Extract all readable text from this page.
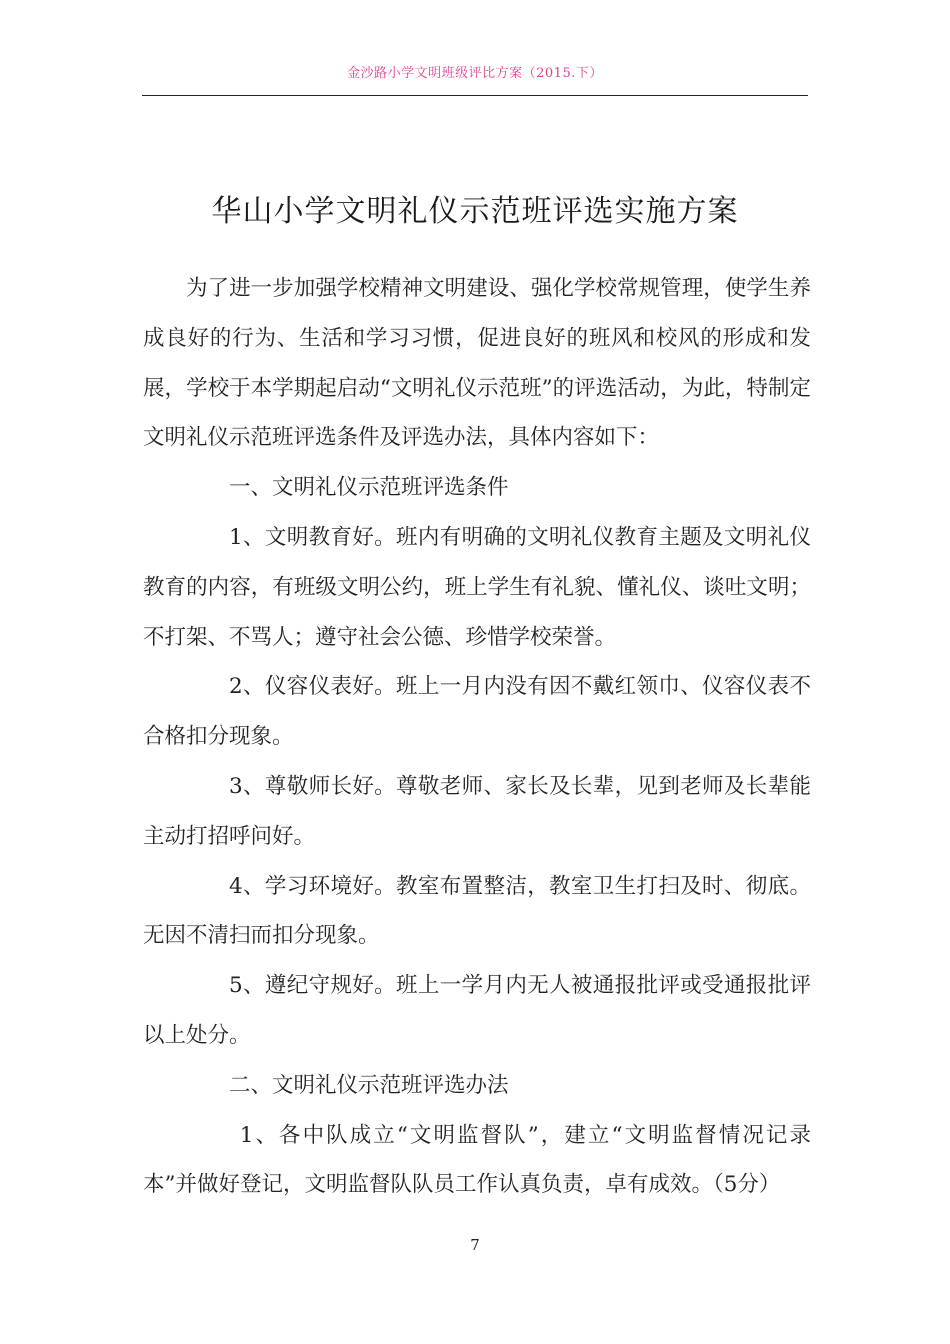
金沙路小学文明班级评比方案（2015.下）
华山小学文明礼仪示范班评选实施方案

为了进一步加强学校精神文明建设、强化学校常规管理，使学生养成良好的行为、生活和学习习惯，促进良好的班风和校风的形成和发展，学校于本学期起启动“文明礼仪示范班”的评选活动，为此，特制定文明礼仪示范班评选条件及评选办法，具体内容如下：

一、文明礼仪示范班评选条件

1、文明教育好。班内有明确的文明礼仪教育主题及文明礼仪教育的内容，有班级文明公约，班上学生有礼貌、懂礼仪、谈吐文明；不打架、不骂人；遵守社会公德、珍惜学校荣誉。

2、仪容仪表好。班上一月内没有因不戴红领巾、仪容仪表不合格扣分现象。

3、尊敬师长好。尊敬老师、家长及长辈，见到老师及长辈能主动打招呼问好。

4、学习环境好。教室布置整洁，教室卫生打扫及时、彻底。无因不清扫而扣分现象。

5、遵纪守规好。班上一学月内无人被通报批评或受通报批评以上处分。

二、文明礼仪示范班评选办法

1、各中队成立“文明监督队”，建立“文明监督情况记录本”并做好登记，文明监督队队员工作认真负责，卓有成效。（5分）

7
